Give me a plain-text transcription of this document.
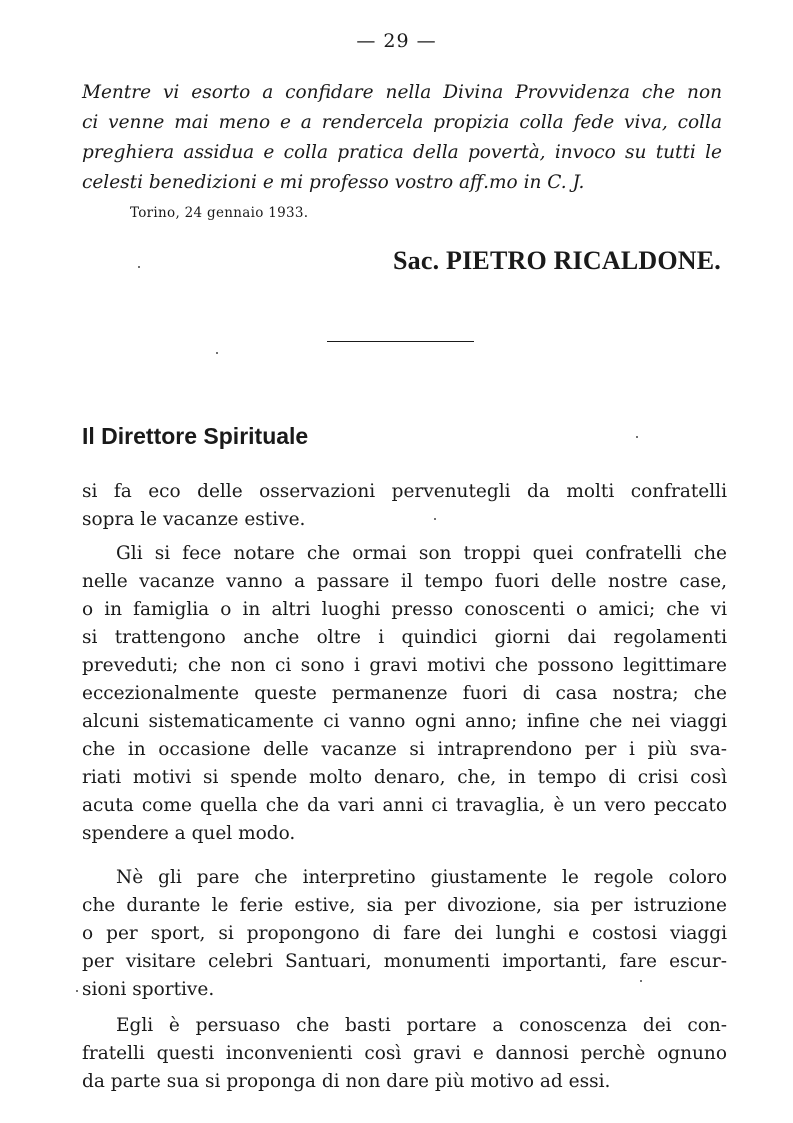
— 29 —
Mentre vi esorto a confidare nella Divina Provvidenza che non
ci venne mai meno e a rendercela propizia colla fede viva, colla
preghiera assidua e colla pratica della povertà, invoco su tutti le
celesti benedizioni e mi professo vostro aff.mo in C. J.
Torino, 24 gennaio 1933.
Sac. PIETRO RICALDONE.
Il Direttore Spirituale
si fa eco delle osservazioni pervenutegli da molti confratelli
sopra le vacanze estive.
Gli si fece notare che ormai son troppi quei confratelli che
nelle vacanze vanno a passare il tempo fuori delle nostre case,
o in famiglia o in altri luoghi presso conoscenti o amici; che vi
si trattengono anche oltre i quindici giorni dai regolamenti
preveduti; che non ci sono i gravi motivi che possono legittimare
eccezionalmente queste permanenze fuori di casa nostra; che
alcuni sistematicamente ci vanno ogni anno; infine che nei viaggi
che in occasione delle vacanze si intraprendono per i più sva-
riati motivi si spende molto denaro, che, in tempo di crisi così
acuta come quella che da vari anni ci travaglia, è un vero peccato
spendere a quel modo.
Nè gli pare che interpretino giustamente le regole coloro
che durante le ferie estive, sia per divozione, sia per istruzione
o per sport, si propongono di fare dei lunghi e costosi viaggi
per visitare celebri Santuari, monumenti importanti, fare escur-
sioni sportive.
Egli è persuaso che basti portare a conoscenza dei con-
fratelli questi inconvenienti così gravi e dannosi perchè ognuno
da parte sua si proponga di non dare più motivo ad essi.
